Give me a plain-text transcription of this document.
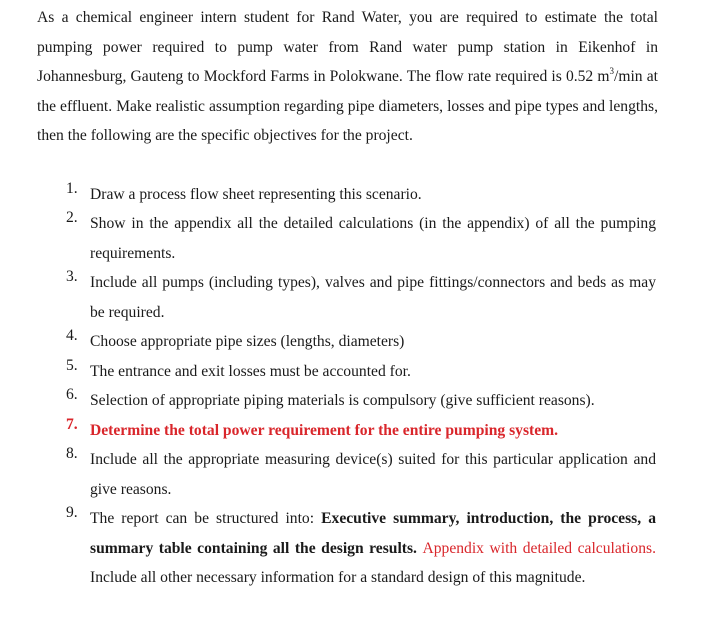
As a chemical engineer intern student for Rand Water, you are required to estimate the total pumping power required to pump water from Rand water pump station in Eikenhof in Johannesburg, Gauteng to Mockford Farms in Polokwane. The flow rate required is 0.52 $m^3/\min$ at the effluent. Make realistic assumption regarding pipe diameters, losses and pipe types and lengths, then the following are the specific objectives for the project.

1. Draw a process flow sheet representing this scenario.
2. Show in the appendix all the detailed calculations (in the appendix) of all the pumping requirements.
3. Include all pumps (including types), valves and pipe fittings/connectors and beds as may be required.
4. Choose appropriate pipe sizes (lengths, diameters)
5. The entrance and exit losses must be accounted for.
6. Selection of appropriate piping materials is compulsory (give sufficient reasons).
7. Determine the total power requirement for the entire pumping system.
8. Include all the appropriate measuring device(s) suited for this particular application and give reasons.
9. The report can be structured into: Executive summary, introduction, the process, a summary table containing all the design results. Appendix with detailed calculations.Include all other necessary information for a standard design of this magnitude.
